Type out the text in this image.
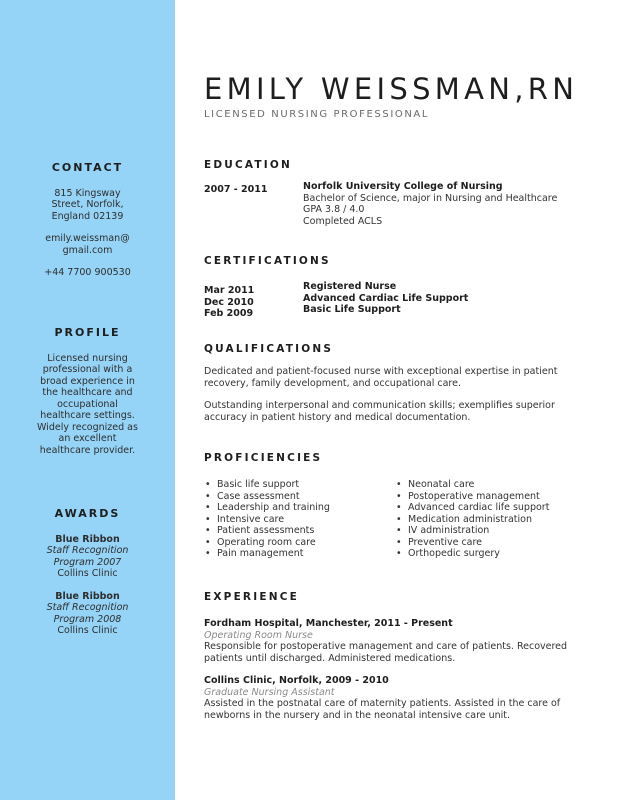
CONTACT
815 Kingsway
Street, Norfolk,
England 02139
emily.weissman@
gmail.com
+44 7700 900530
PROFILE
Licensed nursing
professional with a
broad experience in
the healthcare and
occupational
healthcare settings.
Widely recognized as
an excellent
healthcare provider.
AWARDS
Blue Ribbon
Staff Recognition
Program 2007
Collins Clinic
Blue Ribbon
Staff Recognition
Program 2008
Collins Clinic
EMILY WEISSMAN,RN
LICENSED NURSING PROFESSIONAL
EDUCATION
2007 - 2011	Norfolk University College of Nursing
Bachelor of Science, major in Nursing and Healthcare
GPA 3.8 / 4.0
Completed ACLS
CERTIFICATIONS
Mar 2011
Dec 2010
Feb 2009
Registered Nurse
Advanced Cardiac Life Support
Basic Life Support
QUALIFICATIONS
Dedicated and patient-focused nurse with exceptional expertise in patient
recovery, family development, and occupational care.
Outstanding interpersonal and communication skills; exemplifies superior
accuracy in patient history and medical documentation.
PROFICIENCIES
• Basic life support
• Case assessment
• Leadership and training
• Intensive care
• Patient assessments
• Operating room care
• Pain management
• Neonatal care
• Postoperative management
• Advanced cardiac life support
• Medication administration
• IV administration
• Preventive care
• Orthopedic surgery
EXPERIENCE
Fordham Hospital, Manchester, 2011 - Present
Operating Room Nurse
Responsible for postoperative management and care of patients. Recovered
patients until discharged. Administered medications.
Collins Clinic, Norfolk, 2009 - 2010
Graduate Nursing Assistant
Assisted in the postnatal care of maternity patients. Assisted in the care of
newborns in the nursery and in the neonatal intensive care unit.
